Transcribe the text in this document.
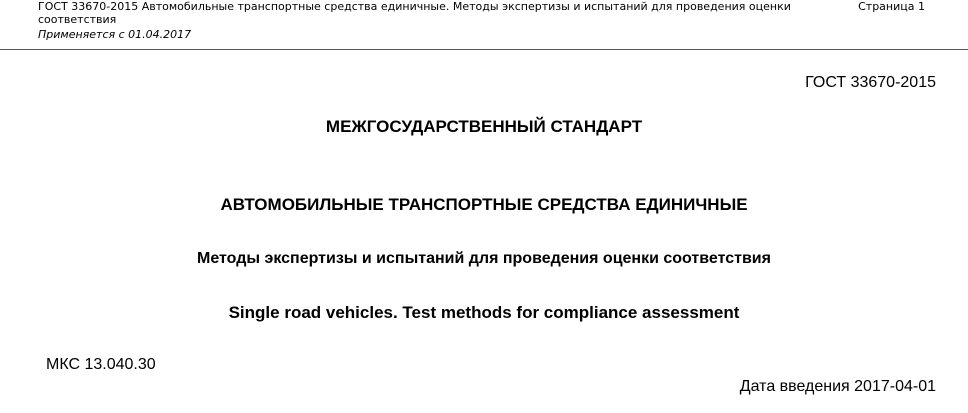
ГОСТ 33670-2015 Автомобильные транспортные средства единичные. Методы экспертизы и испытаний для проведения оценки соответствия
Применяется с 01.04.2017
Страница 1
ГОСТ 33670-2015
МЕЖГОСУДАРСТВЕННЫЙ СТАНДАРТ
АВТОМОБИЛЬНЫЕ ТРАНСПОРТНЫЕ СРЕДСТВА ЕДИНИЧНЫЕ
Методы экспертизы и испытаний для проведения оценки соответствия
Single road vehicles. Test methods for compliance assessment
МКС 13.040.30
Дата введения 2017-04-01
